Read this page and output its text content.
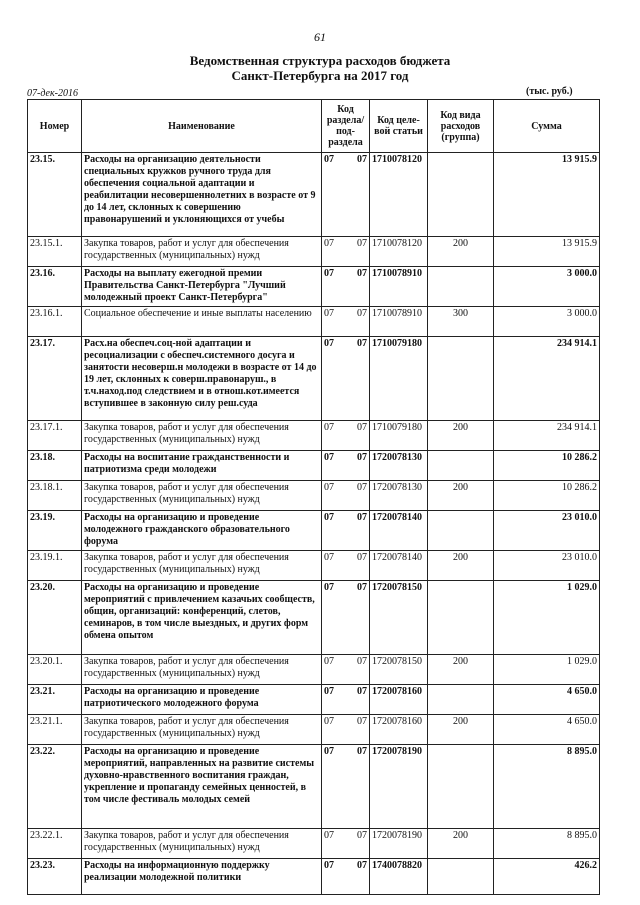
61
Ведомственная структура расходов бюджета
Санкт-Петербурга на 2017 год
07-дек-2016	(тыс. руб.)
Номер	Наименование	Код раздела/ под- раздела	Код целе- вой статьи	Код вида расходов (группа)	Сумма
23.15.	Расходы на организацию деятельности специальных кружков ручного труда для обеспечения социальной адаптации и реабилитации несовершеннолетних в возрасте от 9 до 14 лет, склонных к совершению правонарушений и уклоняющихся от учебы	07 07	1710078120		13 915.9
23.15.1.	Закупка товаров, работ и услуг для обеспечения государственных (муниципальных) нужд	07 07	1710078120	200	13 915.9
23.16.	Расходы на выплату ежегодной премии Правительства Санкт-Петербурга "Лучший молодежный проект Санкт-Петербурга"	07 07	1710078910		3 000.0
23.16.1.	Социальное обеспечение и иные выплаты населению	07 07	1710078910	300	3 000.0
23.17.	Расх.на обеспеч.соц-ной адаптации и ресоциализации с обеспеч.системного досуга и занятости несоверш.н молодежи в возрасте от 14 до 19 лет, склонных к соверш.правонаруш., в т.ч.наход.под следствием и в отнош.кот.имеется вступившее в законную силу реш.суда	07 07	1710079180		234 914.1
23.17.1.	Закупка товаров, работ и услуг для обеспечения государственных (муниципальных) нужд	07 07	1710079180	200	234 914.1
23.18.	Расходы на воспитание гражданственности и патриотизма среди молодежи	07 07	1720078130		10 286.2
23.18.1.	Закупка товаров, работ и услуг для обеспечения государственных (муниципальных) нужд	07 07	1720078130	200	10 286.2
23.19.	Расходы на организацию и проведение молодежного гражданского образовательного форума	07 07	1720078140		23 010.0
23.19.1.	Закупка товаров, работ и услуг для обеспечения государственных (муниципальных) нужд	07 07	1720078140	200	23 010.0
23.20.	Расходы на организацию и проведение мероприятий с привлечением казачьих сообществ, общин, организаций: конференций, слетов, семинаров, в том числе выездных, и других форм обмена опытом	07 07	1720078150		1 029.0
23.20.1.	Закупка товаров, работ и услуг для обеспечения государственных (муниципальных) нужд	07 07	1720078150	200	1 029.0
23.21.	Расходы на организацию и проведение патриотического молодежного форума	07 07	1720078160		4 650.0
23.21.1.	Закупка товаров, работ и услуг для обеспечения государственных (муниципальных) нужд	07 07	1720078160	200	4 650.0
23.22.	Расходы на организацию и проведение мероприятий, направленных на развитие системы духовно-нравственного воспитания граждан, укрепление и пропаганду семейных ценностей, в том числе фестиваль молодых семей	07 07	1720078190		8 895.0
23.22.1.	Закупка товаров, работ и услуг для обеспечения государственных (муниципальных) нужд	07 07	1720078190	200	8 895.0
23.23.	Расходы на информационную поддержку реализации молодежной политики	07 07	1740078820		426.2
